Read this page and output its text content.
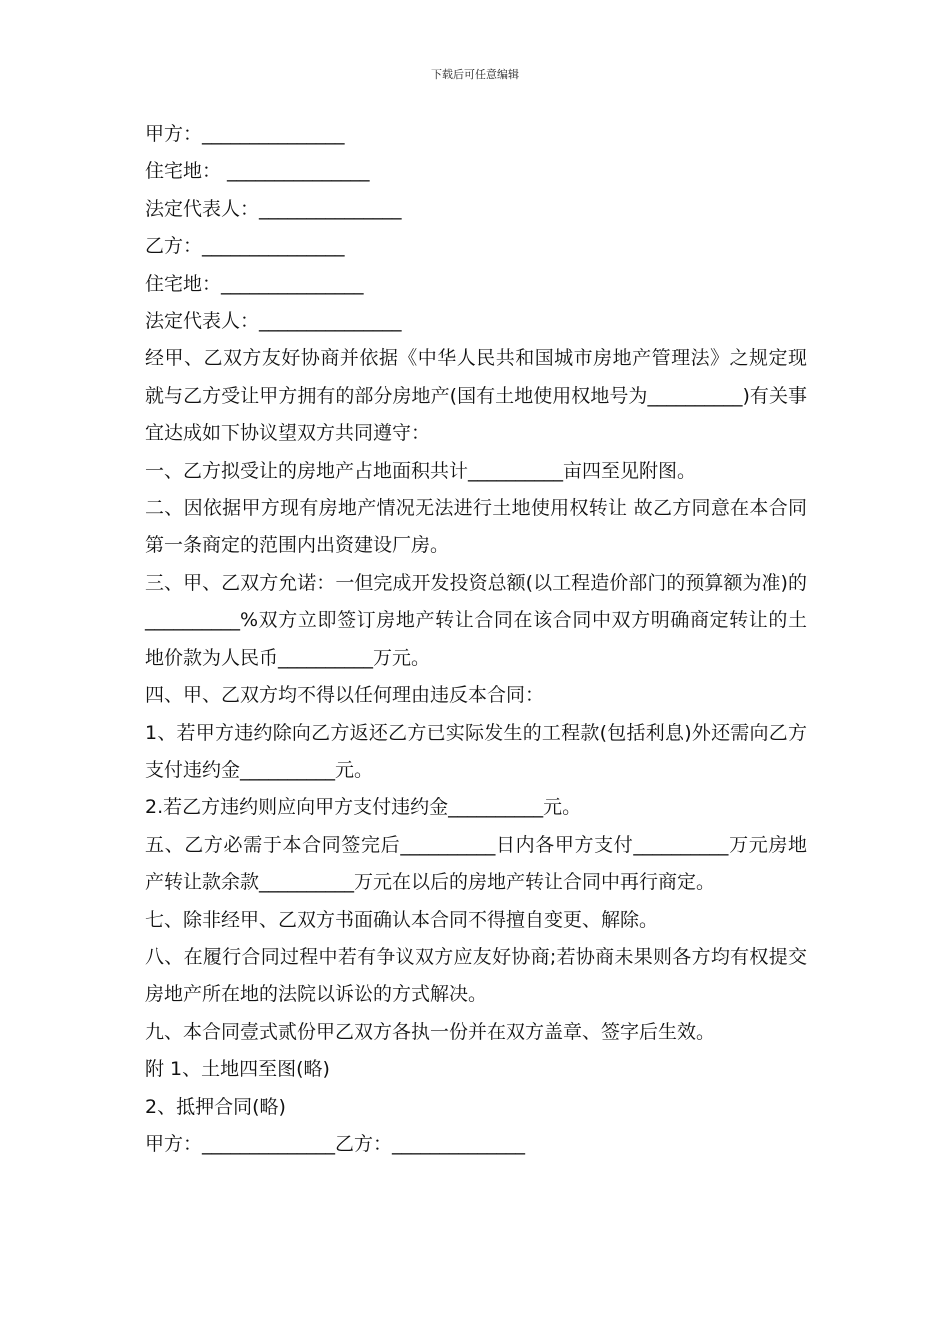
下载后可任意编辑
甲方：_______________
住宅地： _______________
法定代表人：_______________
乙方：_______________
住宅地：_______________
法定代表人：_______________
经甲、乙双方友好协商并依据《中华人民共和国城市房地产管理法》之规定现就与乙方受让甲方拥有的部分房地产(国有土地使用权地号为__________)有关事宜达成如下协议望双方共同遵守：
一、乙方拟受让的房地产占地面积共计__________亩四至见附图。
二、因依据甲方现有房地产情况无法进行土地使用权转让 故乙方同意在本合同第一条商定的范围内出资建设厂房。
三、甲、乙双方允诺：一但完成开发投资总额(以工程造价部门的预算额为准)的__________%双方立即签订房地产转让合同在该合同中双方明确商定转让的土地价款为人民币__________万元。
四、甲、乙双方均不得以任何理由违反本合同：
1、若甲方违约除向乙方返还乙方已实际发生的工程款(包括利息)外还需向乙方支付违约金__________元。
2.若乙方违约则应向甲方支付违约金__________元。
五、乙方必需于本合同签完后__________日内各甲方支付__________万元房地产转让款余款__________万元在以后的房地产转让合同中再行商定。
七、除非经甲、乙双方书面确认本合同不得擅自变更、解除。
八、在履行合同过程中若有争议双方应友好协商;若协商未果则各方均有权提交房地产所在地的法院以诉讼的方式解决。
九、本合同壹式贰份甲乙双方各执一份并在双方盖章、签字后生效。
附 1、土地四至图(略)
2、抵押合同(略)
甲方：______________乙方：______________
